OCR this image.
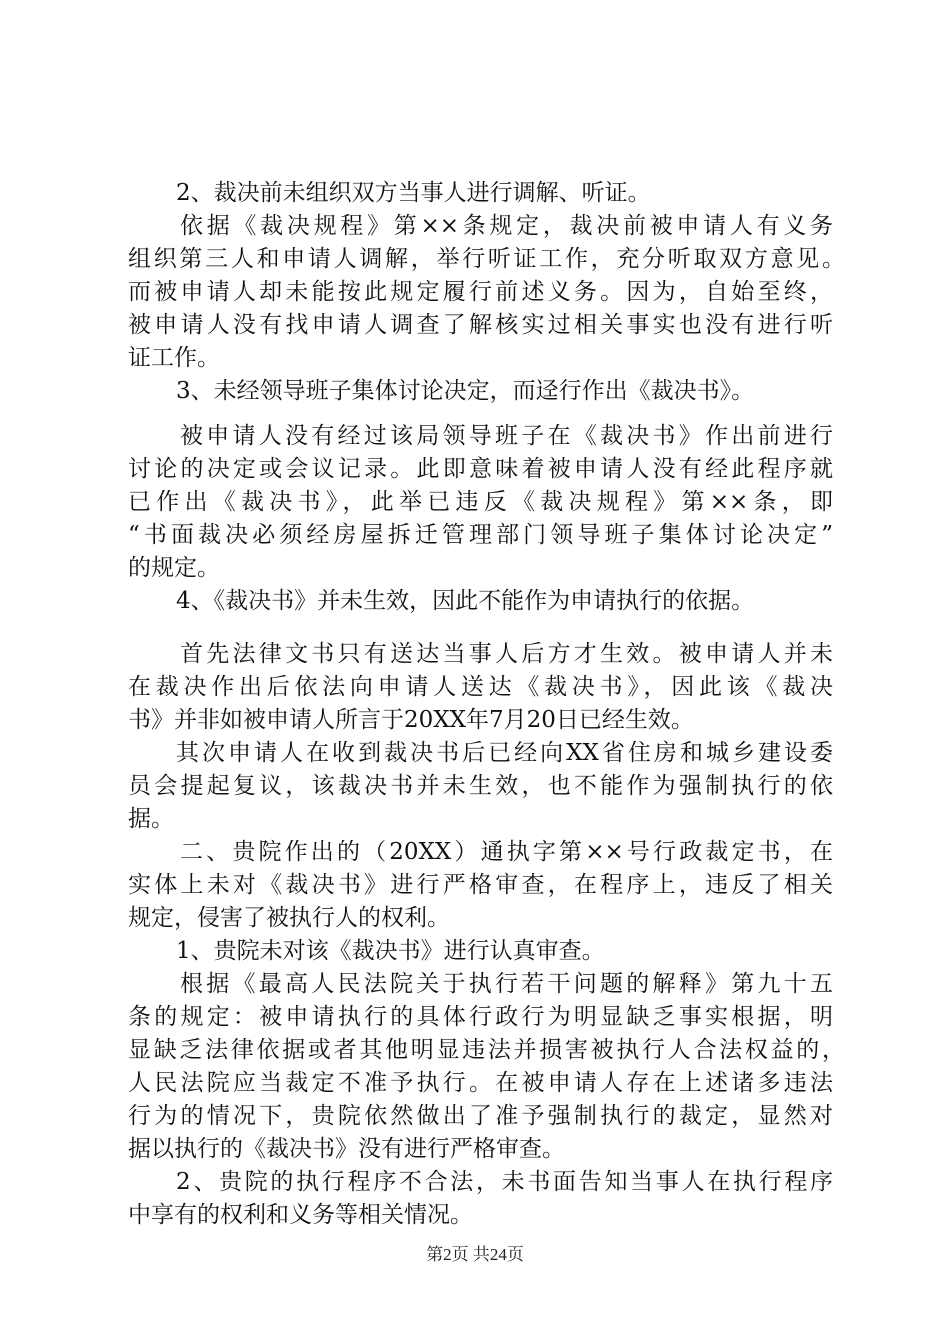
2、裁决前未组织双方当事人进行调解、听证。
依据《裁决规程》第××条规定，裁决前被申请人有义务
组织第三人和申请人调解，举行听证工作，充分听取双方意见。
而被申请人却未能按此规定履行前述义务。因为，自始至终，
被申请人没有找申请人调查了解核实过相关事实也没有进行听
证工作。
3、未经领导班子集体讨论决定，而迳行作出《裁决书》。
被申请人没有经过该局领导班子在《裁决书》作出前进行
讨论的决定或会议记录。此即意味着被申请人没有经此程序就
已作出《裁决书》，此举已违反《裁决规程》第××条，即
“书面裁决必须经房屋拆迁管理部门领导班子集体讨论决定”
的规定。
4、《裁决书》并未生效，因此不能作为申请执行的依据。
首先法律文书只有送达当事人后方才生效。被申请人并未
在裁决作出后依法向申请人送达《裁决书》，因此该《裁决
书》并非如被申请人所言于20XX年7月20日已经生效。
其次申请人在收到裁决书后已经向XX省住房和城乡建设委
员会提起复议，该裁决书并未生效，也不能作为强制执行的依
据。
二、贵院作出的（20XX）通执字第××号行政裁定书，在
实体上未对《裁决书》进行严格审查，在程序上，违反了相关
规定，侵害了被执行人的权利。
1、贵院未对该《裁决书》进行认真审查。
根据《最高人民法院关于执行若干问题的解释》第九十五
条的规定：被申请执行的具体行政行为明显缺乏事实根据，明
显缺乏法律依据或者其他明显违法并损害被执行人合法权益的，
人民法院应当裁定不准予执行。在被申请人存在上述诸多违法
行为的情况下，贵院依然做出了准予强制执行的裁定，显然对
据以执行的《裁决书》没有进行严格审查。
2、贵院的执行程序不合法，未书面告知当事人在执行程序
中享有的权利和义务等相关情况。
第2页 共24页
